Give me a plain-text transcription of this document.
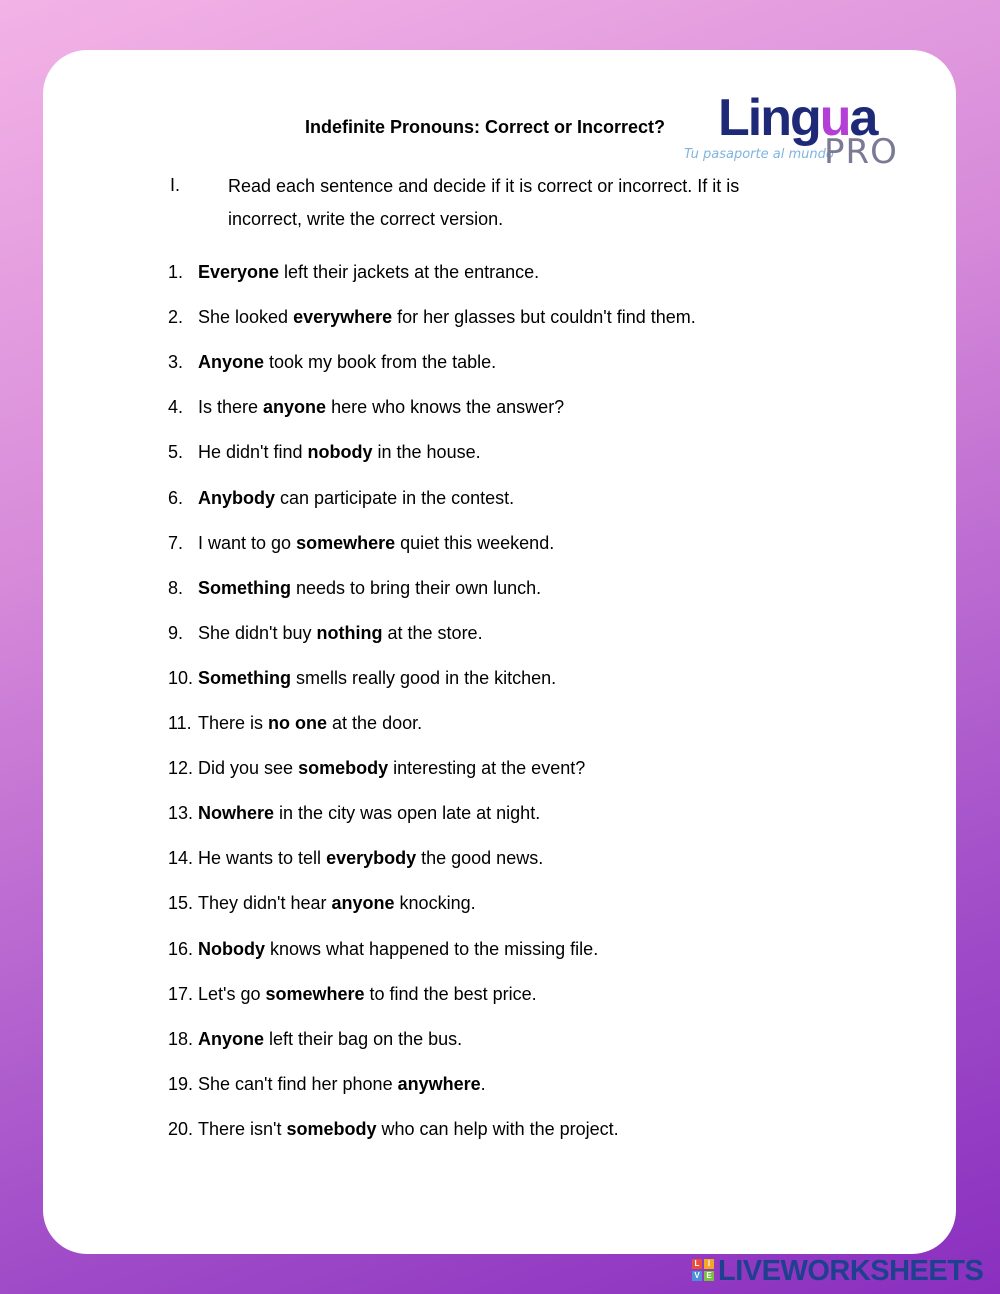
Indefinite Pronouns: Correct or Incorrect? Lingua
Tu pasaporte al mundo
PRO
I.	Read each sentence and decide if it is correct or incorrect. If it is incorrect, write the correct version.
1. Everyone left their jackets at the entrance.
2. She looked everywhere for her glasses but couldn't find them.
3. Anyone took my book from the table.
4. Is there anyone here who knows the answer?
5. He didn't find nobody in the house.
6. Anybody can participate in the contest.
7. I want to go somewhere quiet this weekend.
8. Something needs to bring their own lunch.
9. She didn't buy nothing at the store.
10. Something smells really good in the kitchen.
11. There is no one at the door.
12. Did you see somebody interesting at the event?
13. Nowhere in the city was open late at night.
14. He wants to tell everybody the good news.
15. They didn't hear anyone knocking.
16. Nobody knows what happened to the missing file.
17. Let's go somewhere to find the best price.
18. Anyone left their bag on the bus.
19. She can't find her phone anywhere.
20. There isn't somebody who can help with the project.
L	I
V E LIVEWORKSHEETS
